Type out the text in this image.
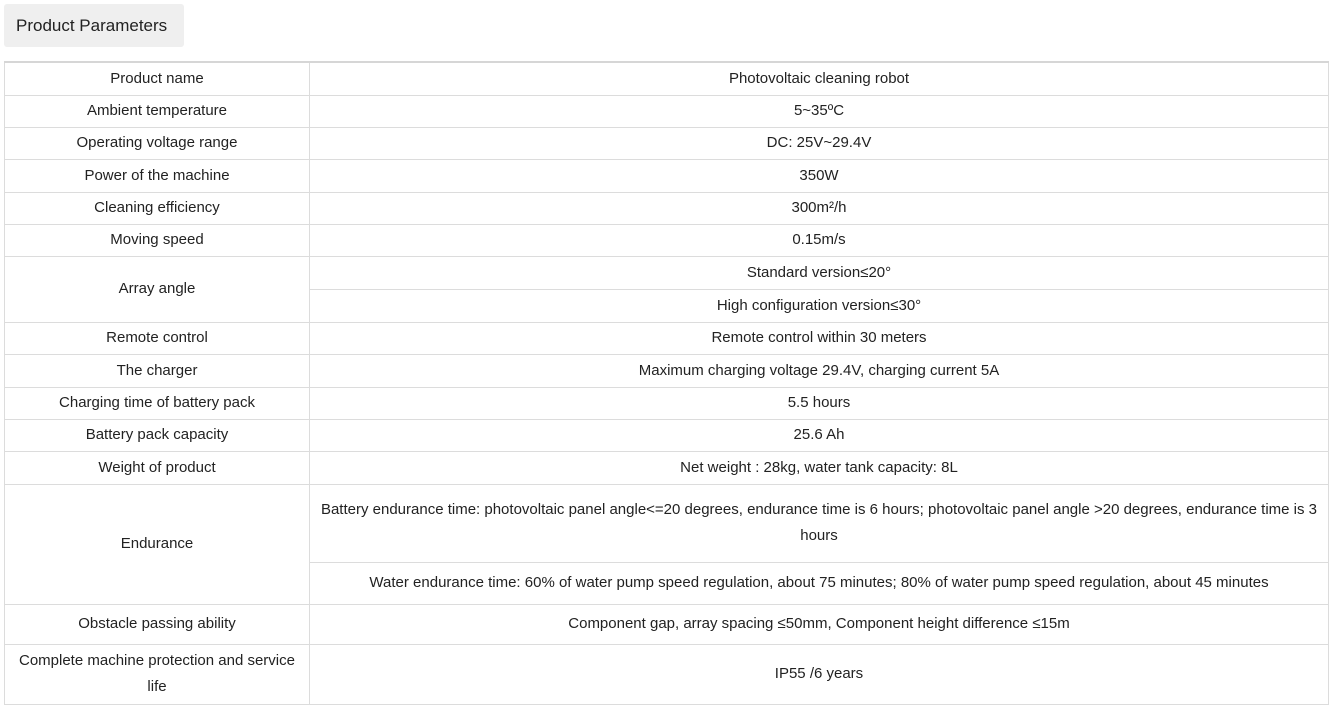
Product Parameters
Product name	Photovoltaic cleaning robot
Ambient temperature	5~35ºC
Operating voltage range	DC: 25V~29.4V
Power of the machine	350W
Cleaning efficiency	300m²/h
Moving speed	0.15m/s
Array angle	Standard version≤20°
	High configuration version≤30°
Remote control	Remote control within 30 meters
The charger	Maximum charging voltage 29.4V, charging current 5A
Charging time of battery pack	5.5 hours
Battery pack capacity	25.6 Ah
Weight of product	Net weight : 28kg, water tank capacity: 8L
Endurance	Battery endurance time: photovoltaic panel angle<=20 degrees, endurance time is 6 hours; photovoltaic panel angle >20 degrees, endurance time is 3 hours
	Water endurance time: 60% of water pump speed regulation, about 75 minutes; 80% of water pump speed regulation, about 45 minutes
Obstacle passing ability	Component gap, array spacing ≤50mm, Component height difference ≤15m
Complete machine protection and service life	IP55 /6 years
